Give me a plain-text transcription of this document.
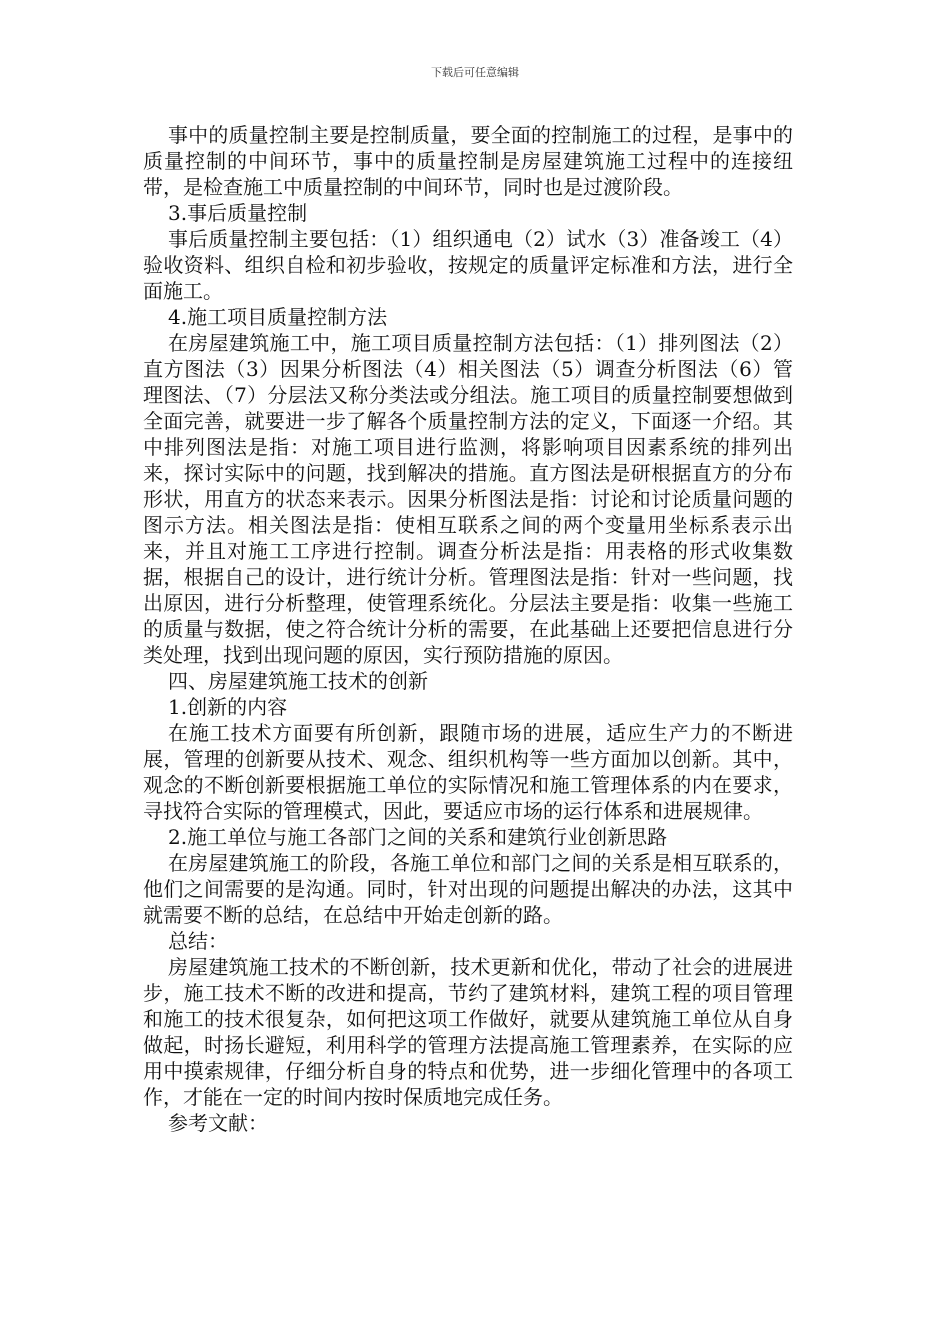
下载后可任意编辑

事中的质量控制主要是控制质量，要全面的控制施工的过程，是事中的质量控制的中间环节，事中的质量控制是房屋建筑施工过程中的连接纽带，是检查施工中质量控制的中间环节，同时也是过渡阶段。

3.事后质量控制

事后质量控制主要包括：（1）组织通电（2）试水（3）准备竣工（4）验收资料、组织自检和初步验收，按规定的质量评定标准和方法，进行全面施工。

4.施工项目质量控制方法

在房屋建筑施工中，施工项目质量控制方法包括：（1）排列图法（2）直方图法（3）因果分析图法（4）相关图法（5）调查分析图法（6）管理图法、（7）分层法又称分类法或分组法。施工项目的质量控制要想做到全面完善，就要进一步了解各个质量控制方法的定义，下面逐一介绍。其中排列图法是指：对施工项目进行监测，将影响项目因素系统的排列出来，探讨实际中的问题，找到解决的措施。直方图法是研根据直方的分布形状，用直方的状态来表示。因果分析图法是指：讨论和讨论质量问题的图示方法。相关图法是指：使相互联系之间的两个变量用坐标系表示出来，并且对施工工序进行控制。调查分析法是指：用表格的形式收集数据，根据自己的设计，进行统计分析。管理图法是指：针对一些问题，找出原因，进行分析整理，使管理系统化。分层法主要是指：收集一些施工的质量与数据，使之符合统计分析的需要，在此基础上还要把信息进行分类处理，找到出现问题的原因，实行预防措施的原因。

四、房屋建筑施工技术的创新

1.创新的内容

在施工技术方面要有所创新，跟随市场的进展，适应生产力的不断进展，管理的创新要从技术、观念、组织机构等一些方面加以创新。其中，观念的不断创新要根据施工单位的实际情况和施工管理体系的内在要求，寻找符合实际的管理模式，因此，要适应市场的运行体系和进展规律。

2.施工单位与施工各部门之间的关系和建筑行业创新思路

在房屋建筑施工的阶段，各施工单位和部门之间的关系是相互联系的，他们之间需要的是沟通。同时，针对出现的问题提出解决的办法，这其中就需要不断的总结，在总结中开始走创新的路。

总结：

房屋建筑施工技术的不断创新，技术更新和优化，带动了社会的进展进步，施工技术不断的改进和提高，节约了建筑材料，建筑工程的项目管理和施工的技术很复杂，如何把这项工作做好，就要从建筑施工单位从自身做起，时扬长避短，利用科学的管理方法提高施工管理素养，在实际的应用中摸索规律，仔细分析自身的特点和优势，进一步细化管理中的各项工作，才能在一定的时间内按时保质地完成任务。

参考文献：
